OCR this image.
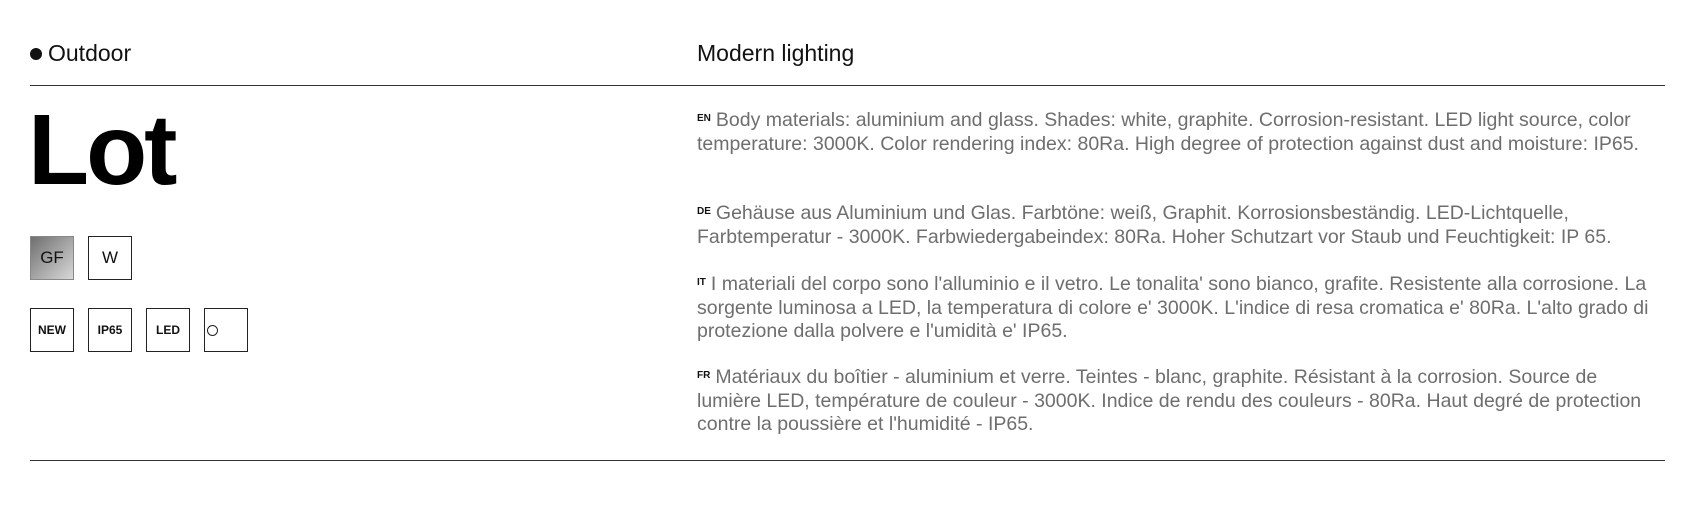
Outdoor	Modern lighting
Lot
GF W
NEW	IP65	LED
$^{EN}$ Body materials: aluminium and glass. Shades: white, graphite. Corrosion-resistant. LED light source, color temperature: 3000K. Color rendering index: 80Ra. High degree of protection against dust and moisture: IP65.
$^{DE}$ Gehäuse aus Aluminium und Glas. Farbtöne: weiß, Graphit. Korrosionsbeständig. LED-Lichtquelle, Farbtemperatur - 3000K. Farbwiedergabeindex: 80Ra. Hoher Schutzart vor Staub und Feuchtigkeit: IP 65.
$^{IT}$ I materiali del corpo sono l'alluminio e il vetro. Le tonalita' sono bianco, grafite. Resistente alla corrosione. La sorgente luminosa a LED, la temperatura di colore e' 3000K. L'indice di resa cromatica e' 80Ra. L'alto grado di protezione dalla polvere e l'umidità e' IP65.
$^{FR}$ Matériaux du boîtier - aluminium et verre. Teintes - blanc, graphite. Résistant à la corrosion. Source de lumière LED, température de couleur - 3000K. Indice de rendu des couleurs - 80Ra. Haut degré de protection contre la poussière et l'humidité - IP65.
